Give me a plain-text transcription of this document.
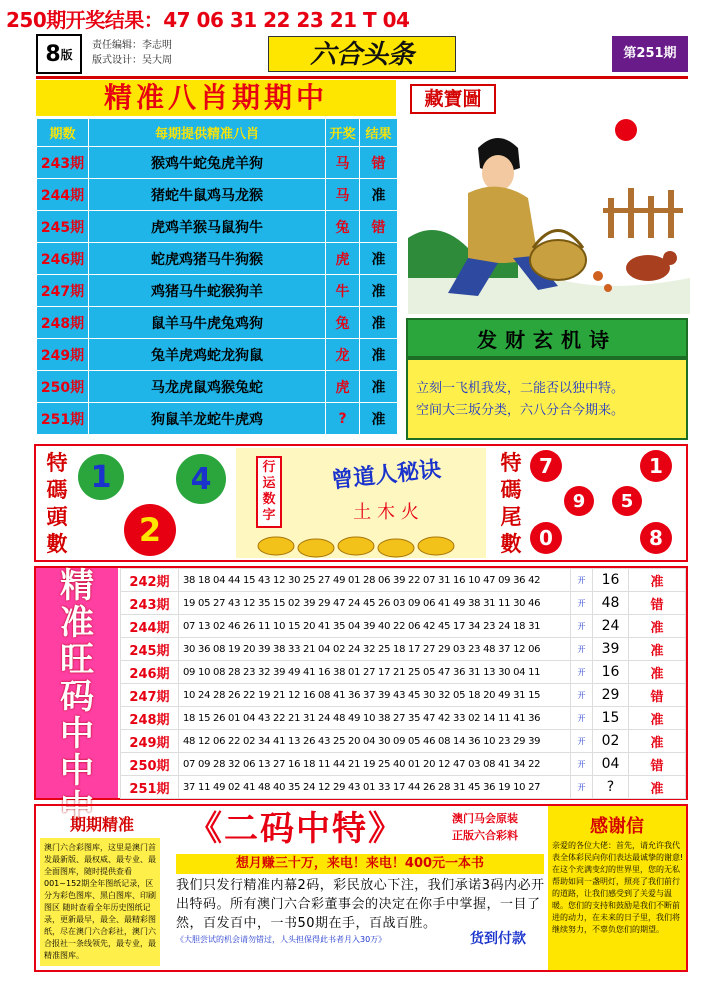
250期开奖结果：47 06 31 22 23 21 T 04
8 版
责任编辑：李志明
版式设计：吴大周	六合头条	第251期
精准八肖期期中	藏寶圖
期数	每期提供精准八肖	开奖	结果
243期	猴鸡牛蛇兔虎羊狗	马	错
244期	猪蛇牛鼠鸡马龙猴	马	准
245期	虎鸡羊猴马鼠狗牛	兔	错
246期	蛇虎鸡猪马牛狗猴	虎	准
247期	鸡猪马牛蛇猴狗羊	牛	准
248期	鼠羊马牛虎兔鸡狗	兔	准
249期	兔羊虎鸡蛇龙狗鼠	龙	准
250期	马龙虎鼠鸡猴兔蛇	虎	准
251期	狗鼠羊龙蛇牛虎鸡	?	准
发财玄机诗
立刻一飞机我发，二能否以独中特。
空间大三坂分类，六八分合今期来。
特碼頭數
1	4
2
行运数字
曾道人秘诀
土 木 火
特碼尾數
7	1
9	5
0	8
精
准
旺
码
中
中
中
242期	38 18 04 44 15 43 12 30 25 27 49 01 28 06 39 22 07 31 16 10 47 09 36 42	开	16	准
243期	19 05 27 43 12 35 15 02 39 29 47 24 45 26 03 09 06 41 49 38 31 11 30 46	开	48	错
244期	07 13 02 46 26 11 10 15 20 41 35 04 39 40 22 06 42 45 17 34 23 24 18 31	开	24	准
245期	30 36 08 19 20 39 38 33 21 04 02 24 32 25 18 17 27 29 03 23 48 37 12 06	开	39	准
246期	09 10 08 28 23 32 39 49 41 16 38 01 27 17 21 25 05 47 36 31 13 30 04 11	开	16	准
247期	10 24 28 26 22 19 21 12 16 08 41 36 37 39 43 45 30 32 05 18 20 49 31 15	开	29	错
248期	18 15 26 01 04 43 22 21 31 24 48 49 10 38 27 35 47 42 33 02 14 11 41 36	开	15	准
249期	48 12 06 22 02 34 41 13 26 43 25 20 04 30 09 05 46 08 14 36 10 23 29 39	开	02	准
250期	07 09 28 32 06 13 27 16 18 11 44 21 19 25 40 01 20 12 47 03 08 41 34 22	开	04	错
251期	37 11 49 02 41 48 40 35 24 12 29 43 01 33 17 44 26 28 31 45 36 19 10 27	开	?	准
期期精准
澳门六合彩图库，这里是澳门首发最新版、最权威、最专业、最全面图库，随时提供查看001~152期全年图纸记录，区分为彩色图库、黑白图库、印刷图区 随时查看全年历史图纸记录，更新最早，最全、最精彩图纸，尽在澳门六合彩社，澳门六合报社一条线领先，最专业，最精准图库。
《二码中特》	澳门马会原装
正版六合彩料
想月赚三十万，来电！来电！400元一本书
我们只发行精准内幕2码，彩民放心下注，我们承诺3码内必开出特码。所有澳门六合彩董事会的决定在你手中掌握，一目了然，百发百中，一书50期在手，百战百胜。
《大胆尝试的机会请勿错过，人头担保得此书者月入30万》	货到付款
感谢信
亲爱的各位大佬：首先，请允许我代表全体彩民向你们表达最诚挚的谢意!在这个充满变幻的世界里，您的无私帮助如同一盏明灯，照亮了我们前行的道路，让我们感受到了关爱与温暖。您们的支持和鼓励是我们不断前进的动力，在未来的日子里，我们将继续努力，不辜负您们的期望。
